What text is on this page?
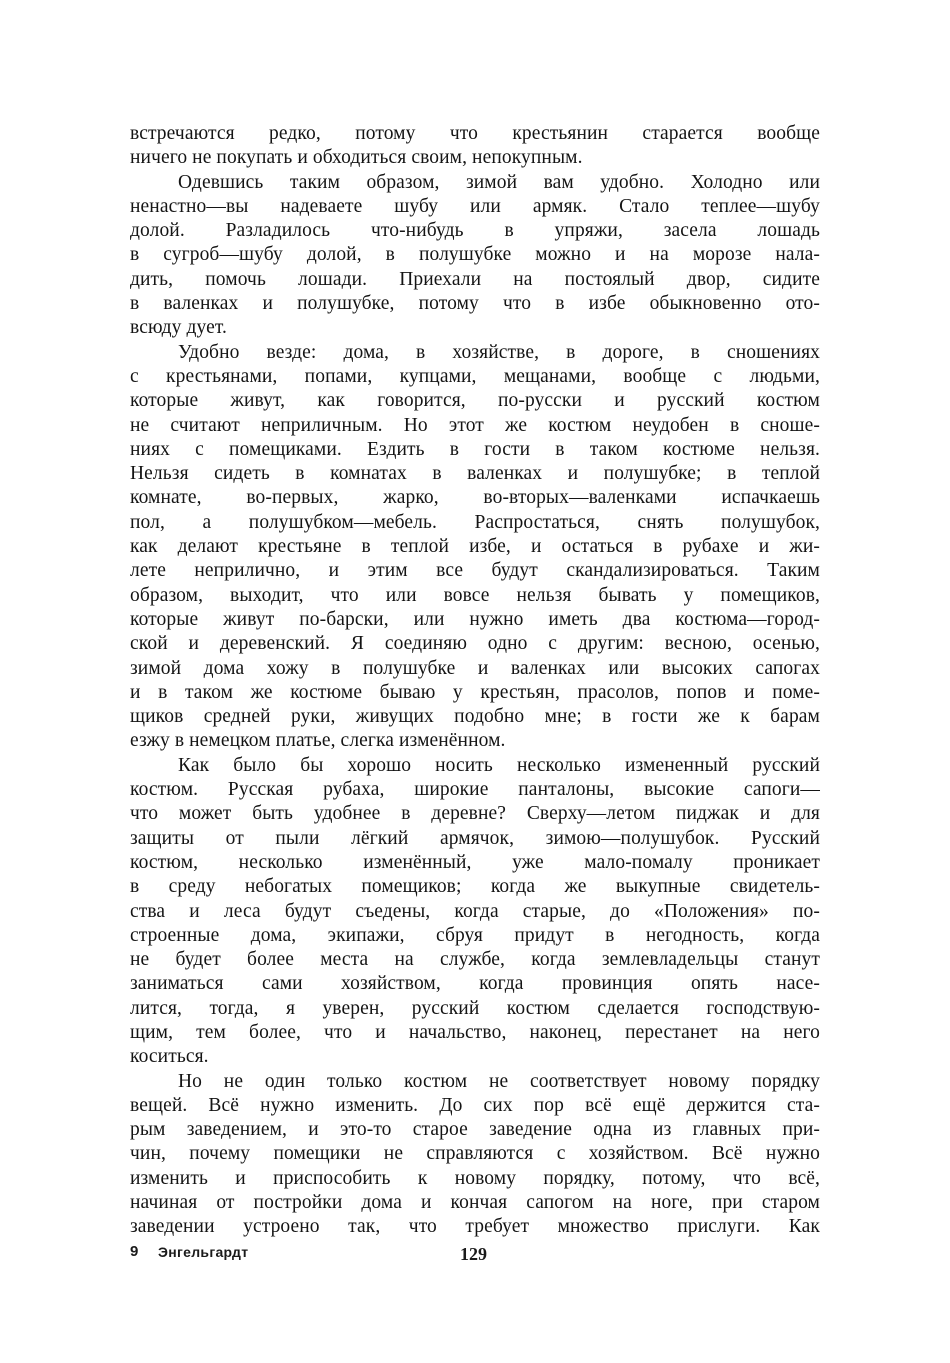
встречаются редко, потому что крестьянин старается вообще
ничего не покупать и обходиться своим, непокупным.
Одевшись таким образом, зимой вам удобно. Холодно или
ненастно—вы надеваете шубу или армяк. Стало теплее—шубу
долой. Разладилось что-нибудь в упряжи, засела лошадь
в сугроб—шубу долой, в полушубке можно и на морозе нала-
дить, помочь лошади. Приехали на постоялый двор, сидите
в валенках и полушубке, потому что в избе обыкновенно ото-
всюду дует.
Удобно везде: дома, в хозяйстве, в дороге, в сношениях
с крестьянами, попами, купцами, мещанами, вообще с людьми,
которые живут, как говорится, по-русски и русский костюм
не считают неприличным. Но этот же костюм неудобен в сноше-
ниях с помещиками. Ездить в гости в таком костюме нельзя.
Нельзя сидеть в комнатах в валенках и полушубке; в теплой
комнате, во-первых, жарко, во-вторых—валенками испачкаешь
пол, а полушубком—мебель. Распростаться, снять полушубок,
как делают крестьяне в теплой избе, и остаться в рубахе и жи-
лете неприлично, и этим все будут скандализироваться. Таким
образом, выходит, что или вовсе нельзя бывать у помещиков,
которые живут по-барски, или нужно иметь два костюма—город-
ской и деревенский. Я соединяю одно с другим: весною, осенью,
зимой дома хожу в полушубке и валенках или высоких сапогах
и в таком же костюме бываю у крестьян, прасолов, попов и поме-
щиков средней руки, живущих подобно мне; в гости же к барам
езжу в немецком платье, слегка изменённом.
Как было бы хорошо носить несколько измененный русский
костюм. Русская рубаха, широкие панталоны, высокие сапоги—
что может быть удобнее в деревне? Сверху—летом пиджак и для
защиты от пыли лёгкий армячок, зимою—полушубок. Русский
костюм, несколько изменённый, уже мало-помалу проникает
в среду небогатых помещиков; когда же выкупные свидетель-
ства и леса будут съедены, когда старые, до «Положения» по-
строенные дома, экипажи, сбруя придут в негодность, когда
не будет более места на службе, когда землевладельцы станут
заниматься сами хозяйством, когда провинция опять насе-
лится, тогда, я уверен, русский костюм сделается господствую-
щим, тем более, что и начальство, наконец, перестанет на него
коситься.
Но не один только костюм не соответствует новому порядку
вещей. Всё нужно изменить. До сих пор всё ещё держится ста-
рым заведением, и это-то старое заведение одна из главных при-
чин, почему помещики не справляются с хозяйством. Всё нужно
изменить и приспособить к новому порядку, потому, что всё,
начиная от постройки дома и кончая сапогом на ноге, при старом
заведении устроено так, что требует множество прислуги. Как
9 Энгельгардт	129
